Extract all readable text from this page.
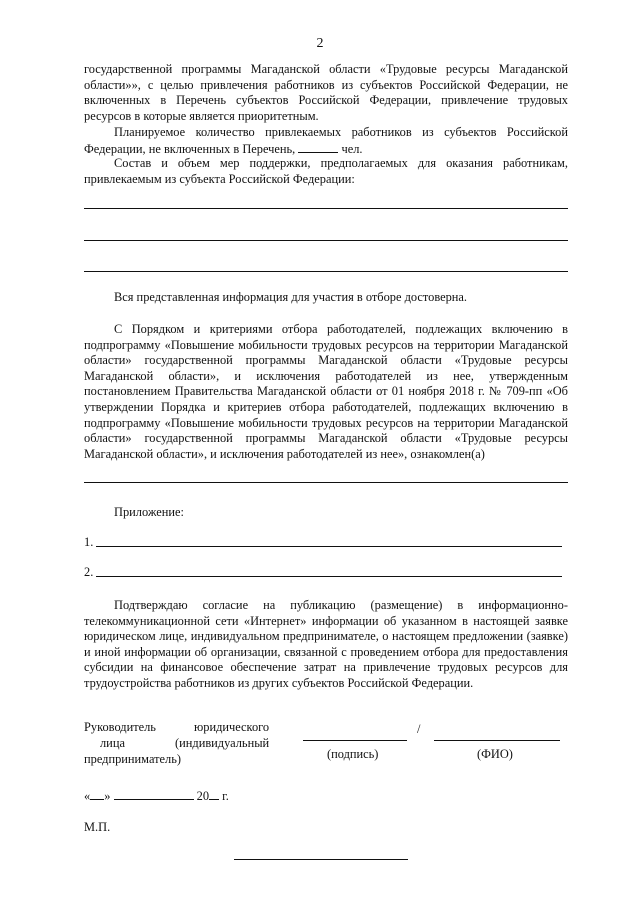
2

государственной программы Магаданской области «Трудовые ресурсы Магаданской области»», с целью привлечения работников из субъектов Российской Федерации, не включенных в Перечень субъектов Российской Федерации, привлечение трудовых ресурсов в которые является приоритетным.

Планируемое количество привлекаемых работников из субъектов Российской Федерации, не включенных в Перечень,	чел.

Состав и объем мер поддержки, предполагаемых для оказания работникам, привлекаемым из субъекта Российской Федерации:

Вся представленная информация для участия в отборе достоверна.

С Порядком и критериями отбора работодателей, подлежащих включению в подпрограмму «Повышение мобильности трудовых ресурсов на территории Магаданской области» государственной программы Магаданской области «Трудовые ресурсы Магаданской области», и исключения работодателей из нее, утвержденным постановлением Правительства Магаданской области от 01 ноября 2018 г. № 709-пп «Об утверждении Порядка и критериев отбора работодателей, подлежащих включению в подпрограмму «Повышение мобильности трудовых ресурсов на территории Магаданской области» государственной программы Магаданской области «Трудовые ресурсы Магаданской области», и исключения работодателей из нее», ознакомлен(а)

Приложение:
1.
2.

Подтверждаю согласие на публикацию (размещение) в информационно-телекоммуникационной сети «Интернет» информации об указанном в настоящей заявке юридическом лице, индивидуальном предпринимателе, о настоящем предложении (заявке) и иной информации об организации, связанной с проведением отбора для предоставления субсидии на финансовое обеспечение затрат на привлечение трудовых ресурсов для трудоустройства работников из других субъектов Российской Федерации.

Руководитель	юридического
лица	(индивидуальный
предприниматель)
/
(подпись)	(ФИО)
« »	20 г.
М.П.
